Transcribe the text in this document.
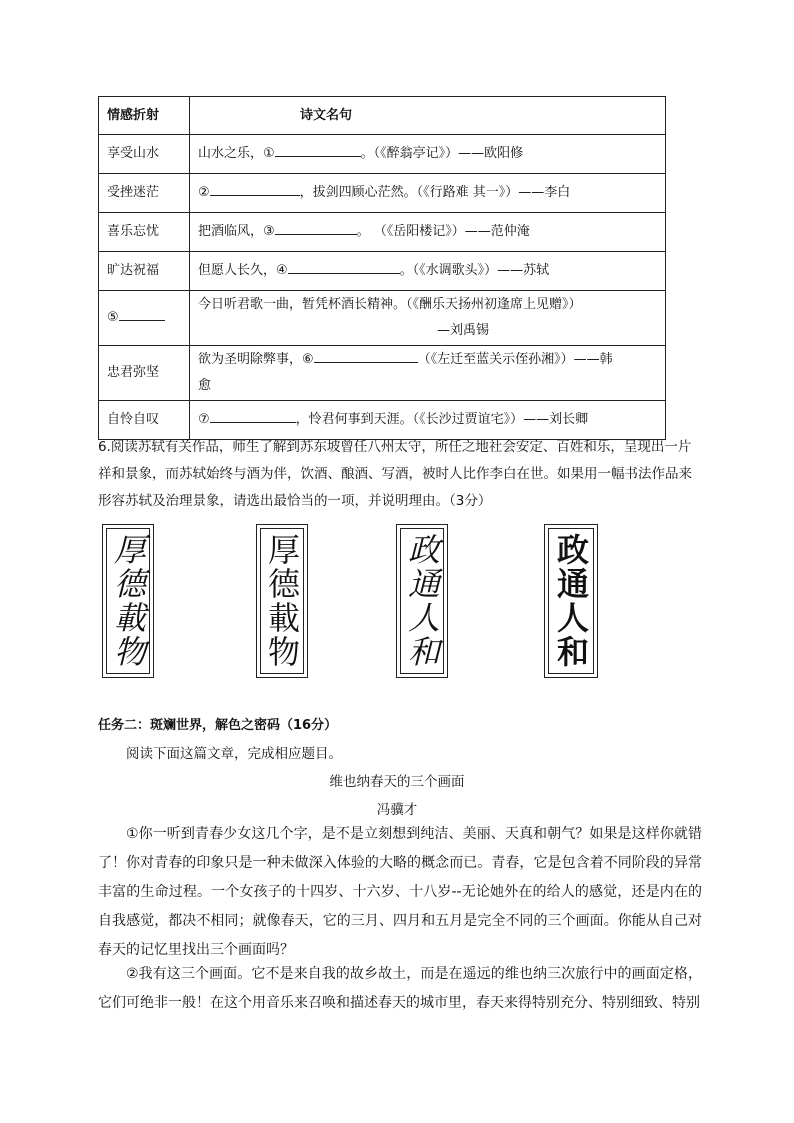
情感折射	诗文名句
享受山水	山水之乐，① 。（《醉翁亭记》）——欧阳修
受挫迷茫	② ，拔剑四顾心茫然。（《行路难 其一》）——李白
喜乐忘忧	把酒临风，③ 。 （《岳阳楼记》）——范仲淹
旷达祝福	但愿人长久，④ 。（《水调歌头》）——苏轼
⑤	今日听君歌一曲，暂凭杯酒长精神。（《酬乐天扬州初逢席上见赠》）
—刘禹锡

忠君弥坚	欲为圣明除弊事，⑥ （《左迁至蓝关示侄孙湘》）——韩
愈

自怜自叹	⑦ ，怜君何事到天涯。（《长沙过贾谊宅》）——刘长卿
6.阅读苏轼有关作品，师生了解到苏东坡曾任八州太守，所任之地社会安定、百姓和乐，呈现出一片祥和景象，而苏轼始终与酒为伴，饮酒、酿酒、写酒，被时人比作李白在世。如果用一幅书法作品来形容苏轼及治理景象，请选出最恰当的一项，并说明理由。（3分）
厚德載物	厚德載物	政通人和	政通人和
任务二：斑斓世界，解色之密码（16分）
阅读下面这篇文章，完成相应题目。
维也纳春天的三个画面
冯骥才
①你一听到青春少女这几个字，是不是立刻想到纯洁、美丽、天真和朝气？如果是这样你就错了！你对青春的印象只是一种未做深入体验的大略的概念而已。青春，它是包含着不同阶段的异常丰富的生命过程。一个女孩子的十四岁、十六岁、十八岁--无论她外在的给人的感觉，还是内在的自我感觉，都决不相同；就像春天，它的三月、四月和五月是完全不同的三个画面。你能从自己对春天的记忆里找出三个画面吗？
②我有这三个画面。它不是来自我的故乡故土，而是在遥远的维也纳三次旅行中的画面定格，它们可绝非一般！在这个用音乐来召唤和描述春天的城市里，春天来得特别充分、特别细致、特别
